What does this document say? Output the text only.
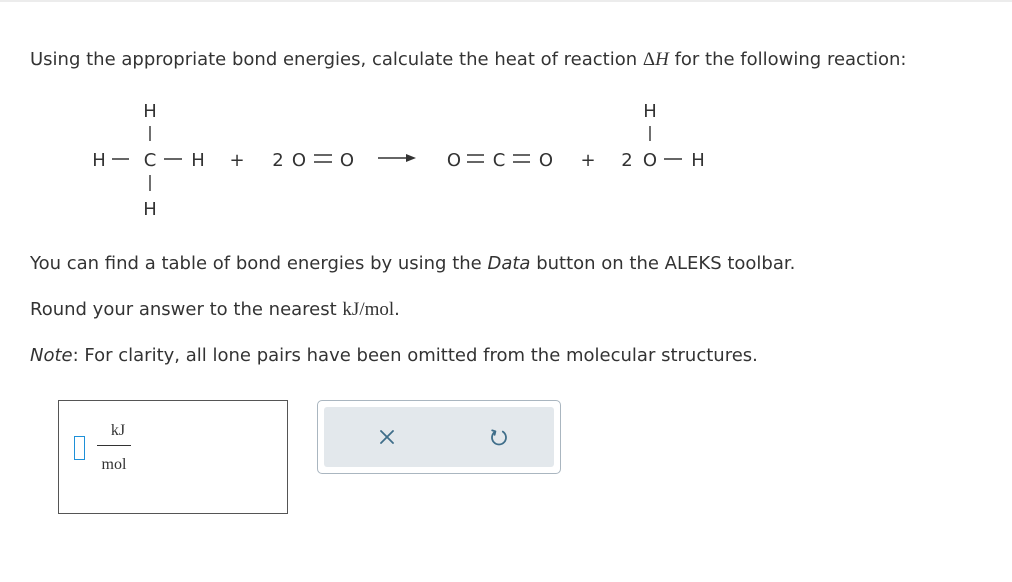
Using the appropriate bond energies, calculate the heat of reaction ΔH for the following reaction:
H
H C H
H
+ 2 O O	O C O + 2
H
O H
You can find a table of bond energies by using the Data button on the ALEKS toolbar.
Round your answer to the nearest kJ/mol.
Note: For clarity, all lone pairs have been omitted from the molecular structures.
kJ
mol
